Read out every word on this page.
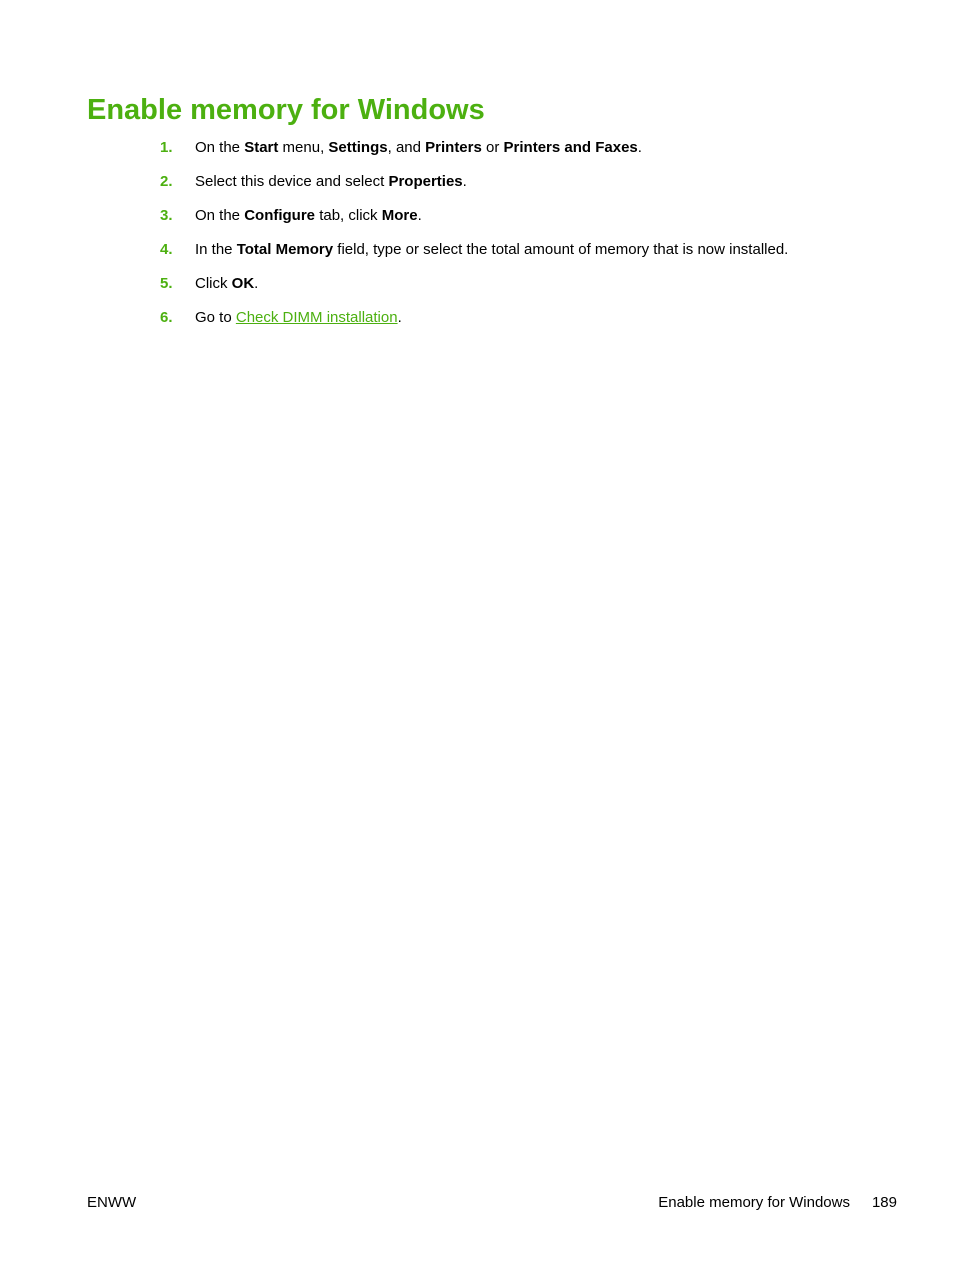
Enable memory for Windows
1. On the Start menu, Settings, and Printers or Printers and Faxes.
2. Select this device and select Properties.
3. On the Configure tab, click More.
4. In the Total Memory field, type or select the total amount of memory that is now installed.
5. Click OK.
6. Go to Check DIMM installation.
ENWW	Enable memory for Windows 189
